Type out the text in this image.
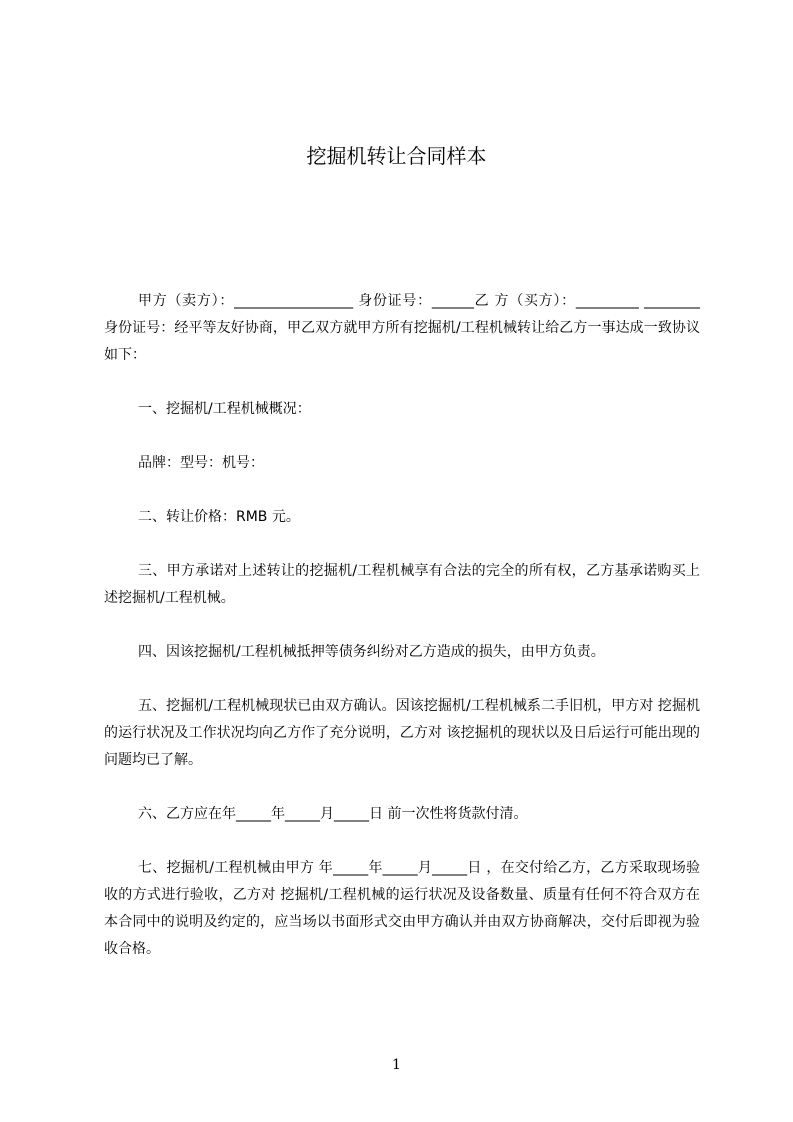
挖掘机转让合同样本

甲方（卖方）：_________________ 身份证号：______乙 方（买方）：_________ ________ 身份证号：经平等友好协商，甲乙双方就甲方所有挖掘机/工程机械转让给乙方一事达成一致协议如下：

一、挖掘机/工程机械概况：

品牌：型号：机号：

二、转让价格：RMB 元。

三、甲方承诺对上述转让的挖掘机/工程机械享有合法的完全的所有权，乙方基承诺购买上述挖掘机/工程机械。

四、因该挖掘机/工程机械抵押等债务纠纷对乙方造成的损失，由甲方负责。

五、挖掘机/工程机械现状已由双方确认。因该挖掘机/工程机械系二手旧机，甲方对 挖掘机的运行状况及工作状况均向乙方作了充分说明，乙方对 该挖掘机的现状以及日后运行可能出现的问题均已了解。

六、乙方应在年_____年_____月_____日 前一次性将货款付清。

七、挖掘机/工程机械由甲方 年_____年_____月_____日 ，在交付给乙方，乙方采取现场验收的方式进行验收，乙方对 挖掘机/工程机械的运行状况及设备数量、质量有任何不符合双方在本合同中的说明及约定的，应当场以书面形式交由甲方确认并由双方协商解决，交付后即视为验收合格。

1
